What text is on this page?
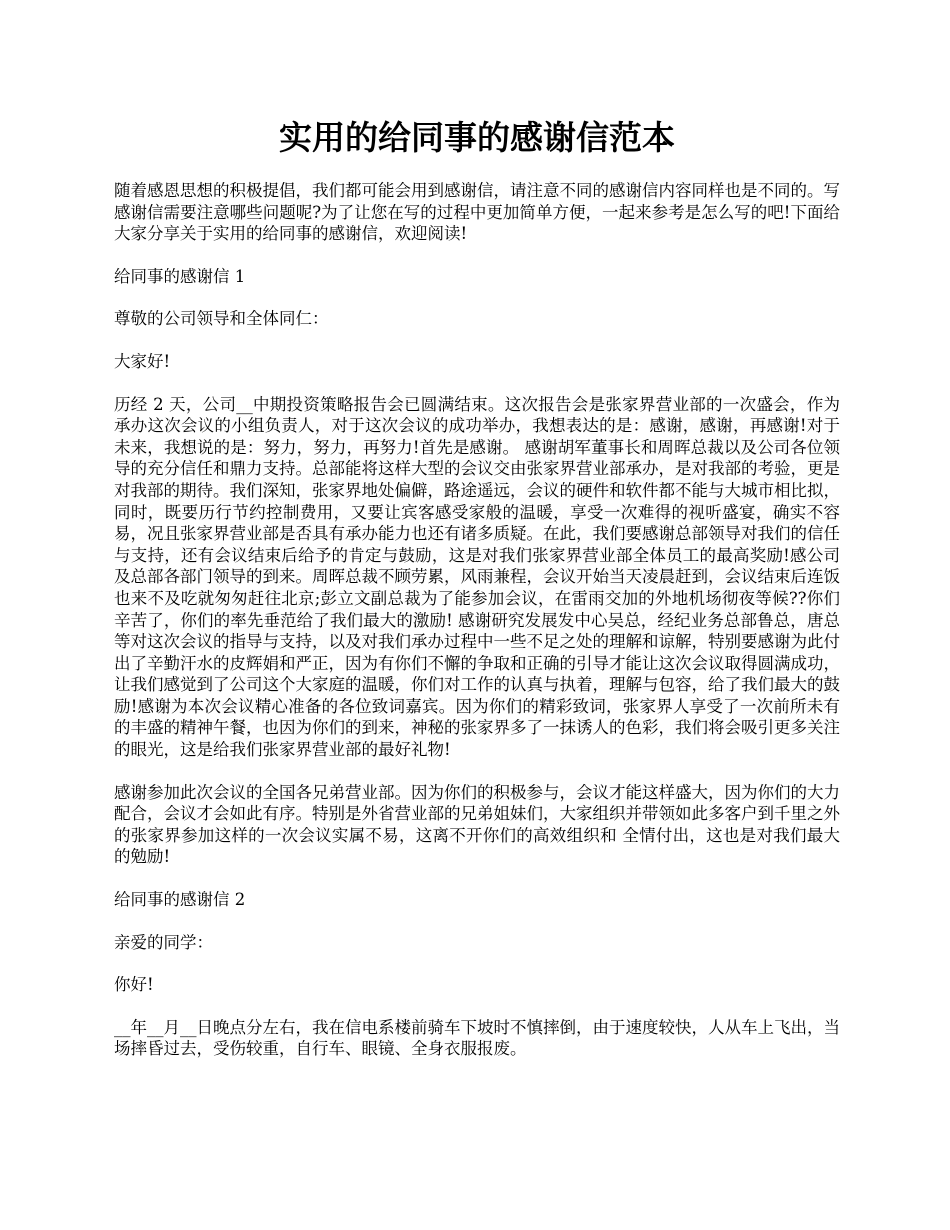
实用的给同事的感谢信范本

随着感恩思想的积极提倡，我们都可能会用到感谢信，请注意不同的感谢信内容同样也是不同的。写感谢信需要注意哪些问题呢?为了让您在写的过程中更加简单方便，一起来参考是怎么写的吧!下面给大家分享关于实用的给同事的感谢信，欢迎阅读!

给同事的感谢信 1

尊敬的公司领导和全体同仁：

大家好!

历经 2 天，公司__中期投资策略报告会已圆满结束。这次报告会是张家界营业部的一次盛会，作为承办这次会议的小组负责人，对于这次会议的成功举办，我想表达的是：感谢，感谢，再感谢!对于未来，我想说的是：努力，努力，再努力!首先是感谢。 感谢胡军董事长和周晖总裁以及公司各位领导的充分信任和鼎力支持。总部能将这样大型的会议交由张家界营业部承办，是对我部的考验，更是对我部的期待。我们深知，张家界地处偏僻，路途遥远，会议的硬件和软件都不能与大城市相比拟，同时，既要历行节约控制费用，又要让宾客感受家般的温暖，享受一次难得的视听盛宴，确实不容易，况且张家界营业部是否具有承办能力也还有诸多质疑。在此，我们要感谢总部领导对我们的信任与支持，还有会议结束后给予的肯定与鼓励，这是对我们张家界营业部全体员工的最高奖励!感公司及总部各部门领导的到来。周晖总裁不顾劳累，风雨兼程，会议开始当天凌晨赶到，会议结束后连饭也来不及吃就匆匆赶往北京;彭立文副总裁为了能参加会议，在雷雨交加的外地机场彻夜等候??你们辛苦了，你们的率先垂范给了我们最大的激励! 感谢研究发展发中心吴总，经纪业务总部鲁总，唐总等对这次会议的指导与支持，以及对我们承办过程中一些不足之处的理解和谅解，特别要感谢为此付出了辛勤汗水的皮辉娟和严正，因为有你们不懈的争取和正确的引导才能让这次会议取得圆满成功，让我们感觉到了公司这个大家庭的温暖，你们对工作的认真与执着，理解与包容，给了我们最大的鼓励!感谢为本次会议精心准备的各位致词嘉宾。因为你们的精彩致词，张家界人享受了一次前所未有的丰盛的精神午餐，也因为你们的到来，神秘的张家界多了一抹诱人的色彩，我们将会吸引更多关注的眼光，这是给我们张家界营业部的最好礼物!

感谢参加此次会议的全国各兄弟营业部。因为你们的积极参与，会议才能这样盛大，因为你们的大力配合，会议才会如此有序。特别是外省营业部的兄弟姐妹们，大家组织并带领如此多客户到千里之外的张家界参加这样的一次会议实属不易，这离不开你们的高效组织和 全情付出，这也是对我们最大的勉励!

给同事的感谢信 2

亲爱的同学：

你好!

__年__月__日晚点分左右，我在信电系楼前骑车下坡时不慎摔倒，由于速度较快，人从车上飞出，当场摔昏过去，受伤较重，自行车、眼镜、全身衣服报废。
